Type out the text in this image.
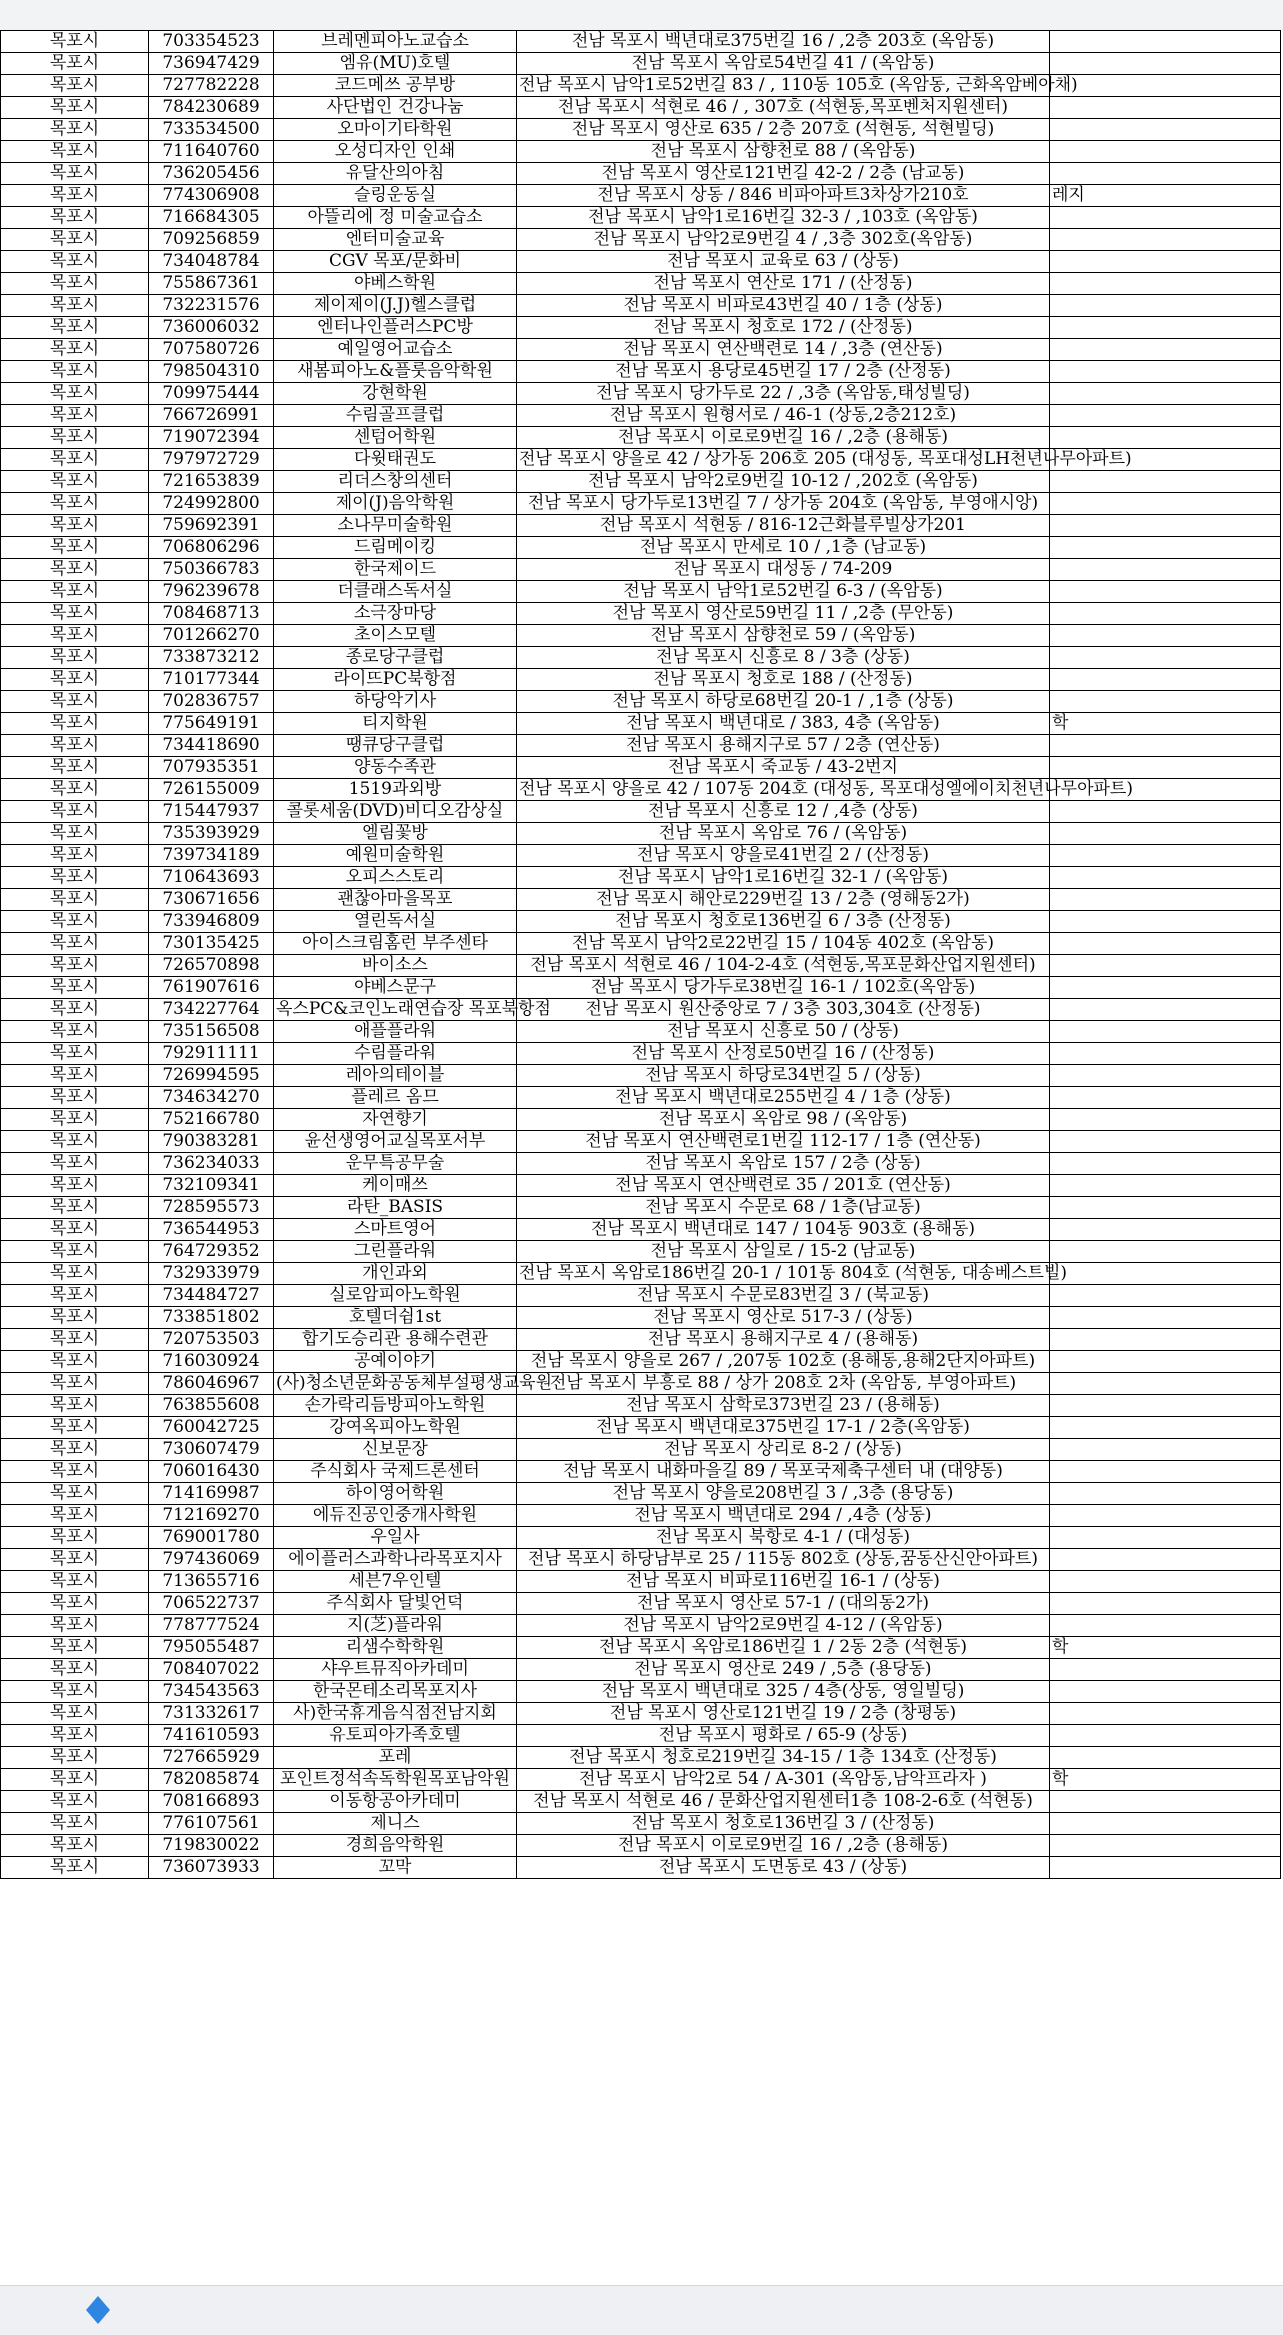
	목포시	703354523	브레멘피아노교습소	전남 목포시 백년대로375번길 16 / ,2층 203호 (옥암동)	
	목포시	736947429	엠유(MU)호텔	전남 목포시 옥암로54번길 41 / (옥암동)	
	목포시	727782228	코드메쓰 공부방	전남 목포시 남악1로52번길 83 / , 110동 105호 (옥암동, 근화옥암베아채)	
	목포시	784230689	사단법인 건강나눔	전남 목포시 석현로 46 / , 307호 (석현동,목포벤처지원센터)	
	목포시	733534500	오마이기타학원	전남 목포시 영산로 635 / 2층 207호 (석현동, 석현빌딩)	
	목포시	711640760	오성디자인 인쇄	전남 목포시 삼향천로 88 / (옥암동)	
	목포시	736205456	유달산의아침	전남 목포시 영산로121번길 42-2 / 2층 (남교동)	
	목포시	774306908	슬링운동실	전남 목포시 상동 / 846 비파아파트3차상가210호	레지
	목포시	716684305	아뜰리에 정 미술교습소	전남 목포시 남악1로16번길 32-3 / ,103호 (옥암동)	
	목포시	709256859	엔터미술교육	전남 목포시 남악2로9번길 4 / ,3층 302호(옥암동)	
	목포시	734048784	CGV 목포/문화비	전남 목포시 교육로 63 / (상동)	
	목포시	755867361	야베스학원	전남 목포시 연산로 171 / (산정동)	
	목포시	732231576	제이제이(J.J)헬스클럽	전남 목포시 비파로43번길 40 / 1층 (상동)	
	목포시	736006032	엔터나인플러스PC방	전남 목포시 청호로 172 / (산정동)	
	목포시	707580726	예일영어교습소	전남 목포시 연산백련로 14 / ,3층 (연산동)	
	목포시	798504310	새봄피아노&플룻음악학원	전남 목포시 용당로45번길 17 / 2층 (산정동)	
	목포시	709975444	강현학원	전남 목포시 당가두로 22 / ,3층 (옥암동,태성빌딩)	
	목포시	766726991	수림골프클럽	전남 목포시 원형서로 / 46-1 (상동,2층212호)	
	목포시	719072394	센텀어학원	전남 목포시 이로로9번길 16 / ,2층 (용해동)	
	목포시	797972729	다윗태권도	전남 목포시 양을로 42 / 상가동 206호 205 (대성동, 목포대성LH천년나무아파트)	
	목포시	721653839	리더스창의센터	전남 목포시 남악2로9번길 10-12 / ,202호 (옥암동)	
	목포시	724992800	제이(J)음악학원	전남 목포시 당가두로13번길 7 / 상가동 204호 (옥암동, 부영애시앙)	
	목포시	759692391	소나무미술학원	전남 목포시 석현동 / 816-12근화블루빌상가201	
	목포시	706806296	드림메이킹	전남 목포시 만세로 10 / ,1층 (남교동)	
	목포시	750366783	한국제이드	전남 목포시 대성동 / 74-209	
	목포시	796239678	더클래스독서실	전남 목포시 남악1로52번길 6-3 / (옥암동)	
	목포시	708468713	소극장마당	전남 목포시 영산로59번길 11 / ,2층 (무안동)	
	목포시	701266270	초이스모텔	전남 목포시 삼향천로 59 / (옥암동)	
	목포시	733873212	종로당구클럽	전남 목포시 신흥로 8 / 3층 (상동)	
	목포시	710177344	라이뜨PC북항점	전남 목포시 청호로 188 / (산정동)	
	목포시	702836757	하당악기사	전남 목포시 하당로68번길 20-1 / ,1층 (상동)	
	목포시	775649191	티지학원	전남 목포시 백년대로 / 383, 4층 (옥암동)	학
	목포시	734418690	땡큐당구클럽	전남 목포시 용해지구로 57 / 2층 (연산동)	
	목포시	707935351	양동수족관	전남 목포시 죽교동 / 43-2번지	
	목포시	726155009	1519과외방	전남 목포시 양을로 42 / 107동 204호 (대성동, 목포대성엘에이치천년나무아파트)	
	목포시	715447937	콜롯세움(DVD)비디오감상실	전남 목포시 신흥로 12 / ,4층 (상동)	
	목포시	735393929	엘림꽃방	전남 목포시 옥암로 76 / (옥암동)	
	목포시	739734189	예원미술학원	전남 목포시 양을로41번길 2 / (산정동)	
	목포시	710643693	오피스스토리	전남 목포시 남악1로16번길 32-1 / (옥암동)	
	목포시	730671656	괜찮아마을목포	전남 목포시 해안로229번길 13 / 2층 (영해동2가)	
	목포시	733946809	열린독서실	전남 목포시 청호로136번길 6 / 3층 (산정동)	
	목포시	730135425	아이스크림홈런 부주센타	전남 목포시 남악2로22번길 15 / 104동 402호 (옥암동)	
	목포시	726570898	바이소스	전남 목포시 석현로 46 / 104-2-4호 (석현동,목포문화산업지원센터)	
	목포시	761907616	야베스문구	전남 목포시 당가두로38번길 16-1 / 102호(옥암동)	
	목포시	734227764	옥스PC&코인노래연습장 목포북항점	전남 목포시 원산중앙로 7 / 3층 303,304호 (산정동)	
	목포시	735156508	애플플라워	전남 목포시 신흥로 50 / (상동)	
	목포시	792911111	수림플라워	전남 목포시 산정로50번길 16 / (산정동)	
	목포시	726994595	레아의테이블	전남 목포시 하당로34번길 5 / (상동)	
	목포시	734634270	플레르 옴므	전남 목포시 백년대로255번길 4 / 1층 (상동)	
	목포시	752166780	자연향기	전남 목포시 옥암로 98 / (옥암동)	
	목포시	790383281	윤선생영어교실목포서부	전남 목포시 연산백련로1번길 112-17 / 1층 (연산동)	
	목포시	736234033	운무특공무술	전남 목포시 옥암로 157 / 2층 (상동)	
	목포시	732109341	케이매쓰	전남 목포시 연산백련로 35 / 201호 (연산동)	
	목포시	728595573	라탄_BASIS	전남 목포시 수문로 68 / 1층(남교동)	
	목포시	736544953	스마트영어	전남 목포시 백년대로 147 / 104동 903호 (용해동)	
	목포시	764729352	그린플라워	전남 목포시 삼일로 / 15-2 (남교동)	
	목포시	732933979	개인과외	전남 목포시 옥암로186번길 20-1 / 101동 804호 (석현동, 대송베스트빌)	
	목포시	734484727	실로암피아노학원	전남 목포시 수문로83번길 3 / (북교동)	
	목포시	733851802	호텔더쉼1st	전남 목포시 영산로 517-3 / (상동)	
	목포시	720753503	합기도승리관 용해수련관	전남 목포시 용해지구로 4 / (용해동)	
	목포시	716030924	공예이야기	전남 목포시 양을로 267 / ,207동 102호 (용해동,용해2단지아파트)	
	목포시	786046967	(사)청소년문화공동체부설평생교육원	전남 목포시 부흥로 88 / 상가 208호 2차 (옥암동, 부영아파트)	
	목포시	763855608	손가락리듬방피아노학원	전남 목포시 삼학로373번길 23 / (용해동)	
	목포시	760042725	강여옥피아노학원	전남 목포시 백년대로375번길 17-1 / 2층(옥암동)	
	목포시	730607479	신보문장	전남 목포시 상리로 8-2 / (상동)	
	목포시	706016430	주식회사 국제드론센터	전남 목포시 내화마을길 89 / 목포국제축구센터 내 (대양동)	
	목포시	714169987	하이영어학원	전남 목포시 양을로208번길 3 / ,3층 (용당동)	
	목포시	712169270	에듀진공인중개사학원	전남 목포시 백년대로 294 / ,4층 (상동)	
	목포시	769001780	우일사	전남 목포시 북항로 4-1 / (대성동)	
	목포시	797436069	에이플러스과학나라목포지사	전남 목포시 하당남부로 25 / 115동 802호 (상동,꿈동산신안아파트)	
	목포시	713655716	세븐7우인텔	전남 목포시 비파로116번길 16-1 / (상동)	
	목포시	706522737	주식회사 달빛언덕	전남 목포시 영산로 57-1 / (대의동2가)	
	목포시	778777524	지(芝)플라워	전남 목포시 남악2로9번길 4-12 / (옥암동)	
	목포시	795055487	리샘수학학원	전남 목포시 옥암로186번길 1 / 2동 2층 (석현동)	학
	목포시	708407022	샤우트뮤직아카데미	전남 목포시 영산로 249 / ,5층 (용당동)	
	목포시	734543563	한국몬테소리목포지사	전남 목포시 백년대로 325 / 4층(상동, 영일빌딩)	
	목포시	731332617	사)한국휴게음식점전남지회	전남 목포시 영산로121번길 19 / 2층 (창평동)	
	목포시	741610593	유토피아가족호텔	전남 목포시 평화로 / 65-9 (상동)	
	목포시	727665929	포레	전남 목포시 청호로219번길 34-15 / 1층 134호 (산정동)	
	목포시	782085874	포인트정석속독학원목포남악원	전남 목포시 남악2로 54 / A-301 (옥암동,남악프라자 )	학
	목포시	708166893	이동항공아카데미	전남 목포시 석현로 46 / 문화산업지원센터1층 108-2-6호 (석현동)	
	목포시	776107561	제니스	전남 목포시 청호로136번길 3 / (산정동)	
	목포시	719830022	경희음악학원	전남 목포시 이로로9번길 16 / ,2층 (용해동)	
	목포시	736073933	꼬막	전남 목포시 도면동로 43 / (상동)	
